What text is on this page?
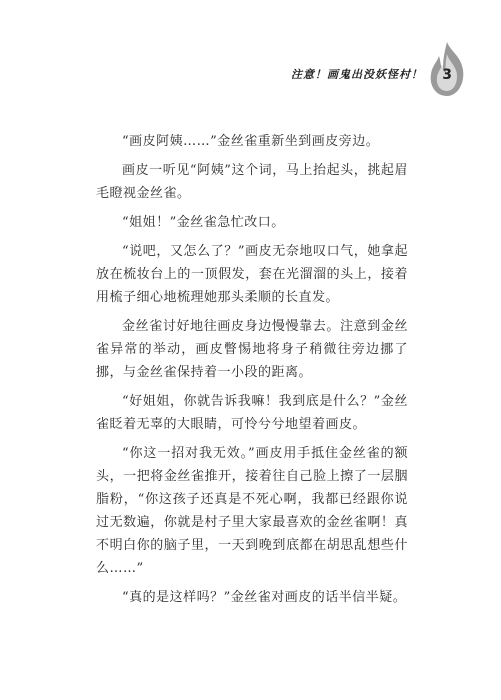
注意！画鬼出没妖怪村！ 3

“画皮阿姨……”金丝雀重新坐到画皮旁边。

画皮一听见“阿姨”这个词，马上抬起头，挑起眉毛瞪视金丝雀。

“姐姐！”金丝雀急忙改口。

“说吧，又怎么了？”画皮无奈地叹口气，她拿起放在梳妆台上的一顶假发，套在光溜溜的头上，接着用梳子细心地梳理她那头柔顺的长直发。

金丝雀讨好地往画皮身边慢慢靠去。注意到金丝雀异常的举动，画皮瞥惕地将身子稍微往旁边挪了挪，与金丝雀保持着一小段的距离。

“好姐姐，你就告诉我嘛！我到底是什么？”金丝雀眨着无辜的大眼睛，可怜兮兮地望着画皮。

“你这一招对我无效。”画皮用手抵住金丝雀的额头，一把将金丝雀推开，接着往自己脸上擦了一层胭脂粉，“你这孩子还真是不死心啊，我都已经跟你说过无数遍，你就是村子里大家最喜欢的金丝雀啊！真不明白你的脑子里，一天到晚到底都在胡思乱想些什么……”

“真的是这样吗？”金丝雀对画皮的话半信半疑。
